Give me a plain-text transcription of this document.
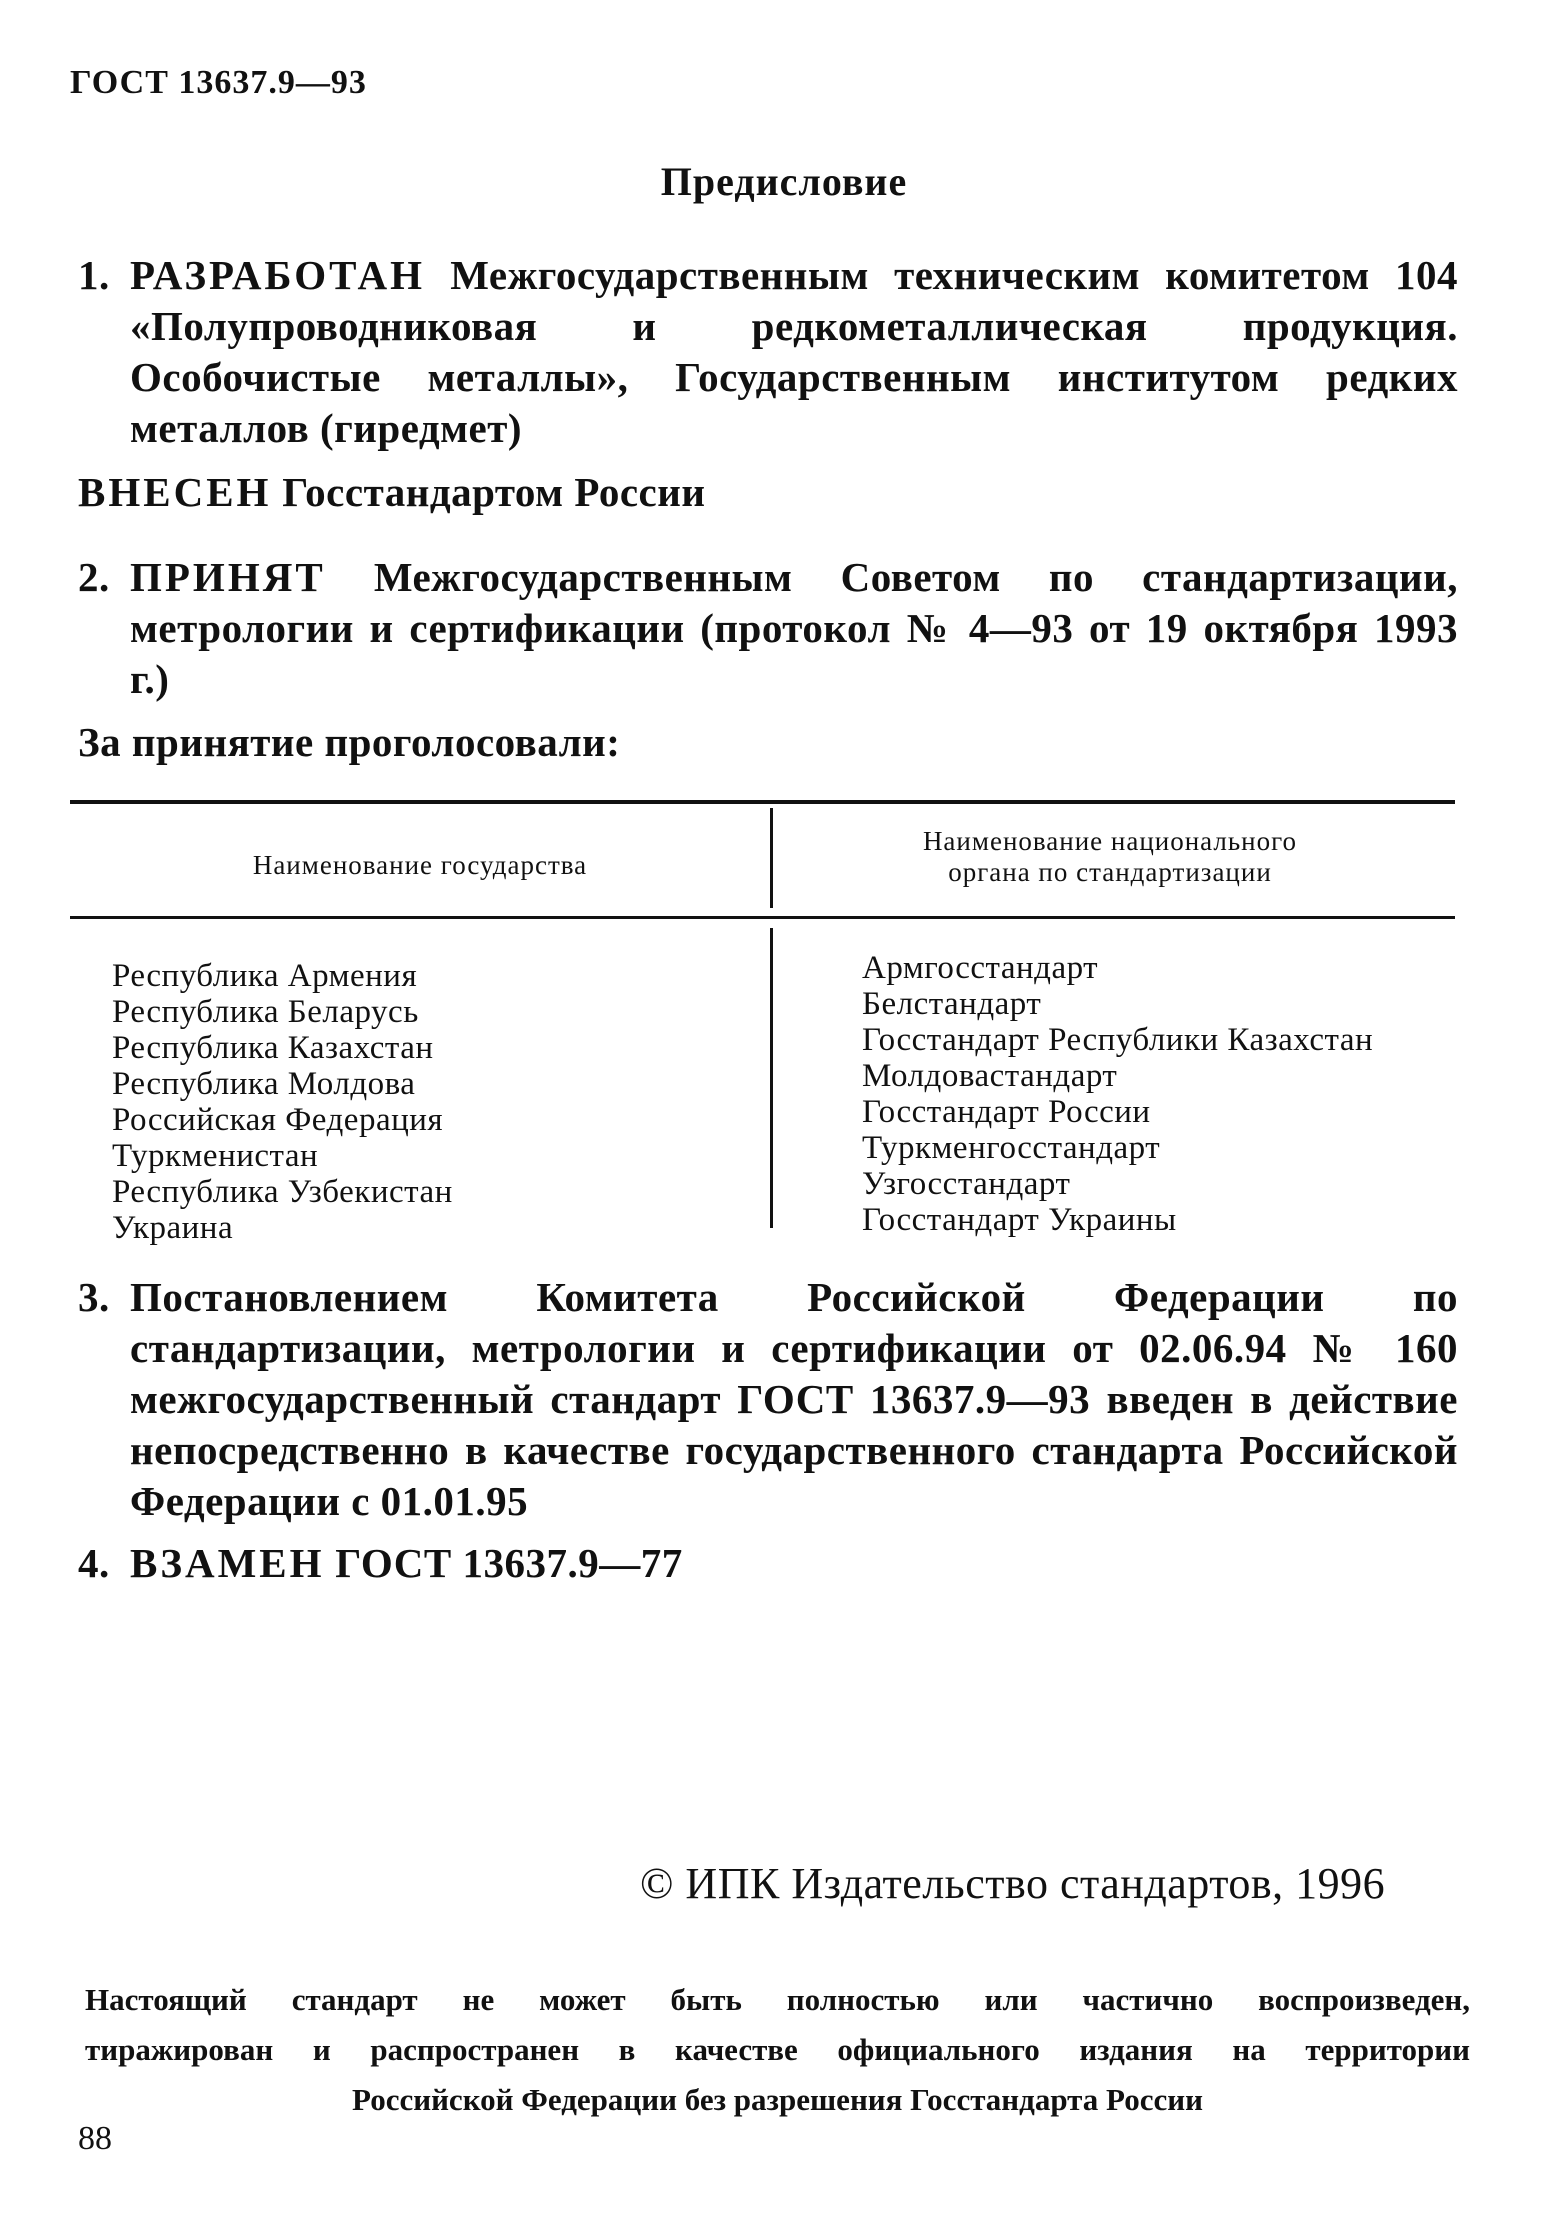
ГОСТ 13637.9—93
Предисловие
1. РАЗРАБОТАН Межгосударственным техническим комитетом 104 «Полупроводниковая и редкометаллическая продукция. Особочистые металлы», Государственным институтом редких металлов (гиредмет)
ВНЕСЕН Госстандартом России
2. ПРИНЯТ Межгосударственным Советом по стандартизации, метрологии и сертификации (протокол № 4—93 от 19 октября 1993 г.)
За принятие проголосовали:
Наименование государства
Наименование национального органа по стандартизации
Республика Армения
Республика Беларусь
Республика Казахстан
Республика Молдова
Российская Федерация
Туркменистан
Республика Узбекистан
Украина
Армгосстандарт
Белстандарт
Госстандарт Республики Казахстан
Молдовастандарт
Госстандарт России
Туркменгосстандарт
Узгосстандарт
Госстандарт Украины
3. Постановлением Комитета Российской Федерации по стандартизации, метрологии и сертификации от 02.06.94 № 160 межгосударственный стандарт ГОСТ 13637.9—93 введен в действие непосредственно в качестве государственного стандарта Российской Федерации с 01.01.95
4. ВЗАМЕН ГОСТ 13637.9—77
© ИПК Издательство стандартов, 1996
Настоящий стандарт не может быть полностью или частично воспроизведен,
тиражирован и распространен в качестве официального издания на территории
Российской Федерации без разрешения Госстандарта России
88
